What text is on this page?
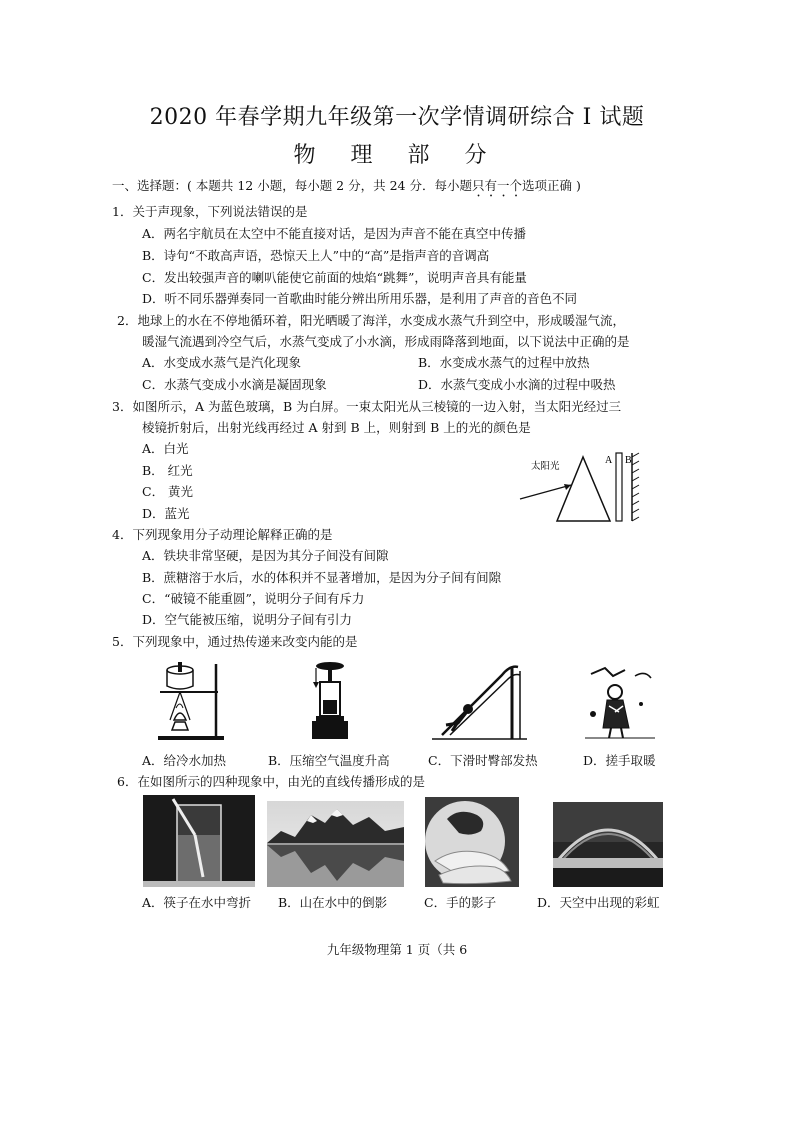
2020 年春学期九年级第一次学情调研综合 I 试题
物 理 部 分
一、选择题：( 本题共 12 小题，每小题 2 分，共 24 分．每小题只有一个选项正确 )
1．关于声现象，下列说法错误的是
A．两名宇航员在太空中不能直接对话，是因为声音不能在真空中传播
B．诗句“不敢高声语，恐惊天上人”中的“高”是指声音的音调高
C．发出较强声音的喇叭能使它前面的烛焰“跳舞”，说明声音具有能量
D．听不同乐器弹奏同一首歌曲时能分辨出所用乐器，是利用了声音的音色不同
2．地球上的水在不停地循环着，阳光晒暖了海洋，水变成水蒸气升到空中，形成暖湿气流，
暖湿气流遇到冷空气后，水蒸气变成了小水滴，形成雨降落到地面，以下说法中正确的是
A．水变成水蒸气是汽化现象	B．水变成水蒸气的过程中放热
C．水蒸气变成小水滴是凝固现象	D．水蒸气变成小水滴的过程中吸热
3．如图所示，A 为蓝色玻璃，B 为白屏。一束太阳光从三棱镜的一边入射，当太阳光经过三
棱镜折射后，出射光线再经过 A 射到 B 上，则射到 B 上的光的颜色是
A．白光
B． 红光
C． 黄光
D．蓝光
太阳光
A B
4．下列现象用分子动理论解释正确的是
A．铁块非常坚硬，是因为其分子间没有间隙
B．蔗糖溶于水后，水的体积并不显著增加，是因为分子间有间隙
C．“破镜不能重圆”，说明分子间有斥力
D．空气能被压缩，说明分子间有引力
5．下列现象中，通过热传递来改变内能的是
A．给冷水加热	B．压缩空气温度升高	C．下滑时臀部发热	D．搓手取暖
6．在如图所示的四种现象中，由光的直线传播形成的是
A．筷子在水中弯折 B．山在水中的倒影	C．手的影子	D．天空中出现的彩虹
九年级物理第 1 页（共 6
